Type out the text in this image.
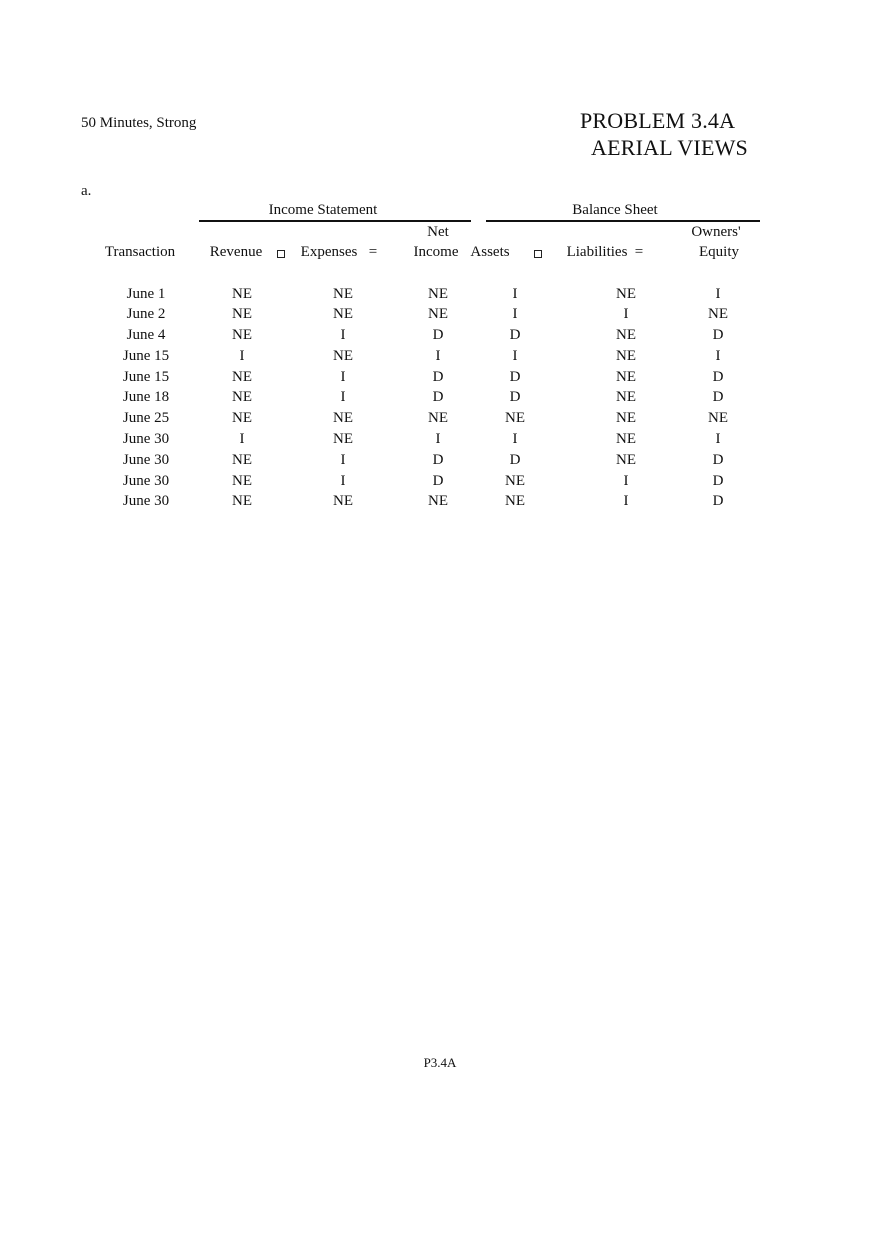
50 Minutes, Strong	PROBLEM 3.4A
AERIAL VIEWS
a.
Income Statement	Balance Sheet
Net	Owners'
Transaction Revenue	Expenses = Income Assets	Liabilities =	Equity
June 1	NE	NE	NE	I	NE	I
June 2	NE	NE	NE	I	I	NE
June 4	NE	I	D	D	NE	D
June 15	I	NE	I	I	NE	I
June 15	NE	I	D	D	NE	D
June 18	NE	I	D	D	NE	D
June 25	NE	NE	NE	NE	NE	NE
June 30	I	NE	I	I	NE	I
June 30	NE	I	D	D	NE	D
June 30	NE	I	D	NE	I	D
June 30	NE	NE	NE	NE	I	D
P3.4A
